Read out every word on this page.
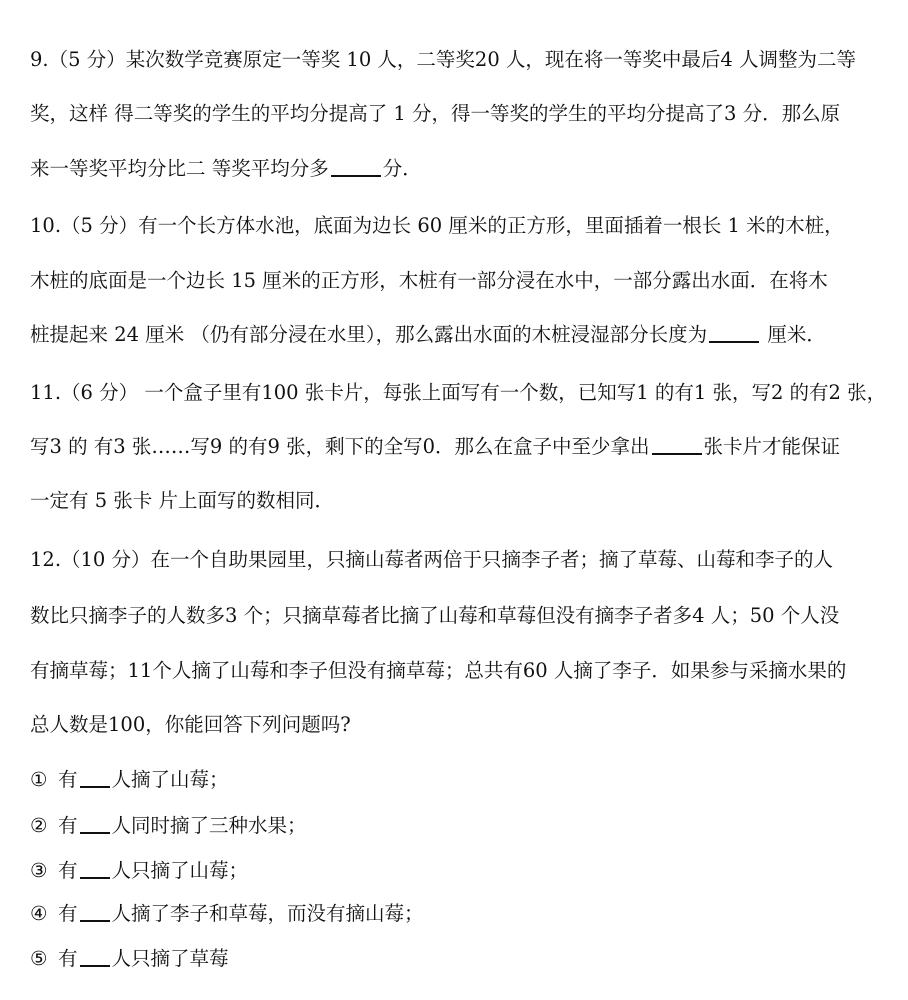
9.（5 分）某次数学竞赛原定一等奖 10 人，二等奖20 人，现在将一等奖中最后4 人调整为二等
奖，这样 得二等奖的学生的平均分提高了 1 分，得一等奖的学生的平均分提高了3 分．那么原
来一等奖平均分比二 等奖平均分多	分．
10.（5 分）有一个长方体水池，底面为边长 60 厘米的正方形，里面插着一根长 1 米的木桩，
木桩的底面是一个边长 15 厘米的正方形，木桩有一部分浸在水中，一部分露出水面．在将木
桩提起来 24 厘米 （仍有部分浸在水里），那么露出水面的木桩浸湿部分长度为	厘米．
11.（6 分） 一个盒子里有100 张卡片，每张上面写有一个数，已知写1 的有1 张，写2 的有2 张，
写3 的 有3 张……写9 的有9 张，剩下的全写0．那么在盒子中至少拿出	张卡片才能保证
一定有 5 张卡 片上面写的数相同．
12.（10 分）在一个自助果园里，只摘山莓者两倍于只摘李子者；摘了草莓、山莓和李子的人
数比只摘李子的人数多3 个；只摘草莓者比摘了山莓和草莓但没有摘李子者多4 人；50 个人没
有摘草莓；11个人摘了山莓和李子但没有摘草莓；总共有60 人摘了李子．如果参与采摘水果的
总人数是100，你能回答下列问题吗?
① 有 人摘了山莓；
② 有 人同时摘了三种水果；
③ 有 人只摘了山莓；
④ 有 人摘了李子和草莓，而没有摘山莓；
⑤ 有 人只摘了草莓
